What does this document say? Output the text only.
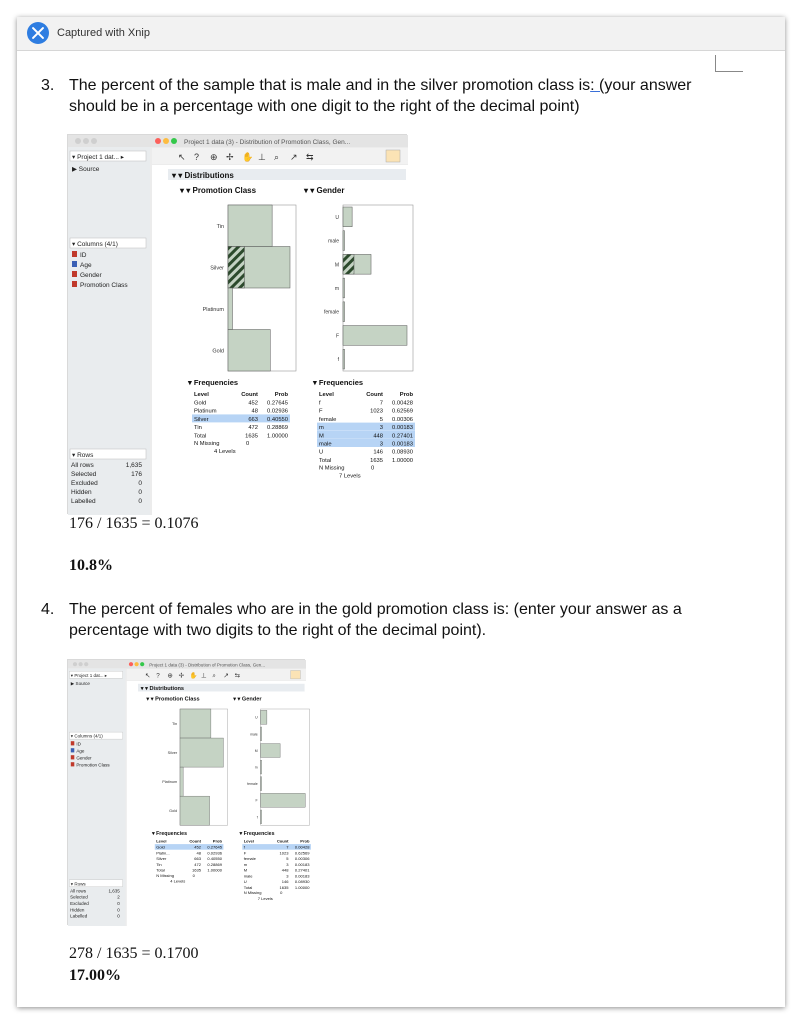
Captured with Xnip
3. The percent of the sample that is male and in the silver promotion class is: (your answer should be in a percentage with one digit to the right of the decimal point)
Project 1 data (3) - Distribution of Promotion Class, Gen...
▾ Project 1 dat... ▸
▶ Source
▾ Columns (4/1)
ID
Age
Gender
Promotion Class
▾ Rows
All rows	1,635
Selected	176
Excluded	0
Hidden	0
Labelled	0
↖ ? ⊕ ✢ ✋ ⊥ ⌕ ↗ ⇆
▾ ▾ Distributions
▾ ▾ Promotion Class	▾ ▾ Gender
Tin
Silver
Platinum
Gold
U
male
M
m
female
F
f
▾ Frequencies
Level	Count	Prob
Gold	452 0.27645
Platinum	48 0.02936
Silver	663 0.40550
Tin	472 0.28869
Total	1635 1.00000
N Missing	0
4 Levels
▾ Frequencies
Level	Count	Prob
f	7 0.00428
F	1023 0.62569
female	5 0.00306
m	3 0.00183
M	448 0.27401
male	3 0.00183
U	146 0.08930
Total	1635 1.00000
N Missing	0
7 Levels
176 / 1635 = 0.1076
10.8%
4. The percent of females who are in the gold promotion class is: (enter your answer as a percentage with two digits to the right of the decimal point).
Project 1 data (3) - Distribution of Promotion Class, Gen...
▾ Project 1 dat... ▸
▶ Source
▾ Columns (4/1)
ID
Age
Gender
Promotion Class
▾ Rows
All rows	1,635
Selected	2
Excluded	0
Hidden	0
Labelled	0
↖ ? ⊕ ✢ ✋ ⊥ ⌕ ↗ ⇆
▾ ▾ Distributions
▾ ▾ Promotion Class	▾ ▾ Gender
Tin
Silver
Platinum
Gold
U
male
M
m
female
F
f
▾ Frequencies
Level	Count Prob
Gold	452 0.27645
Platin...	48 0.02936
Silver	663 0.40550
Tin	472 0.28869
Total	1635 1.00000
N Missing	0
4 Levels
▾ Frequencies
Level	Count Prob
f	7 0.00428
F	1023 0.62569
female	5 0.00306
m	3 0.00183
M	448 0.27401
male	3 0.00183
U	146 0.08930
Total	1635 1.00000
N Missing	0
7 Levels
278 / 1635 = 0.1700
17.00%
